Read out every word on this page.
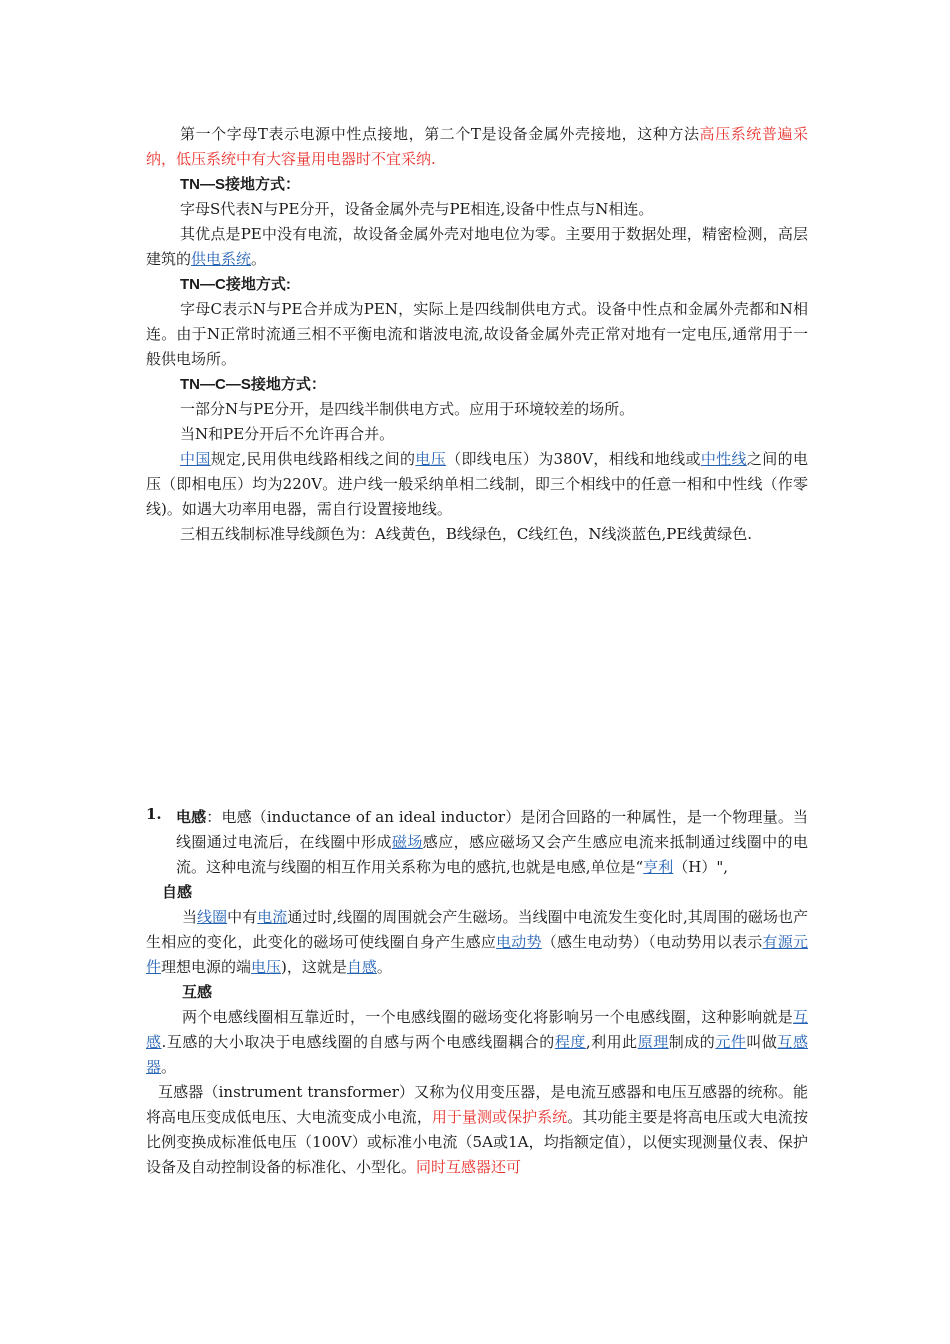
第一个字母T表示电源中性点接地，第二个T是设备金属外壳接地，这种方法高压系统普遍采纳，低压系统中有大容量用电器时不宜采纳.

TN—S接地方式：

字母S代表N与PE分开，设备金属外壳与PE相连,设备中性点与N相连。

其优点是PE中没有电流，故设备金属外壳对地电位为零。主要用于数据处理，精密检测，高层建筑的供电系统。

TN—C接地方式:

字母C表示N与PE合并成为PEN，实际上是四线制供电方式。设备中性点和金属外壳都和N相连。由于N正常时流通三相不平衡电流和谐波电流,故设备金属外壳正常对地有一定电压,通常用于一般供电场所。

TN—C—S接地方式：

一部分N与PE分开，是四线半制供电方式。应用于环境较差的场所。

当N和PE分开后不允许再合并。

中国规定,民用供电线路相线之间的电压（即线电压）为380V，相线和地线或中性线之间的电压（即相电压）均为220V。进户线一般采纳单相二线制，即三个相线中的任意一相和中性线（作零线)。如遇大功率用电器，需自行设置接地线。

三相五线制标准导线颜色为：A线黄色，B线绿色，C线红色，N线淡蓝色,PE线黄绿色.

1. 电感：电感（inductance of an ideal inductor）是闭合回路的一种属性，是一个物理量。当线圈通过电流后，在线圈中形成磁场感应，感应磁场又会产生感应电流来抵制通过线圈中的电流。这种电流与线圈的相互作用关系称为电的感抗,也就是电感,单位是“亨利（H）",

自感

当线圈中有电流通过时,线圈的周围就会产生磁场。当线圈中电流发生变化时,其周围的磁场也产生相应的变化，此变化的磁场可使线圈自身产生感应电动势（感生电动势）（电动势用以表示有源元件理想电源的端电压)，这就是自感。

互感

两个电感线圈相互靠近时，一个电感线圈的磁场变化将影响另一个电感线圈，这种影响就是互感.互感的大小取决于电感线圈的自感与两个电感线圈耦合的程度,利用此原理制成的元件叫做互感器。

互感器（instrument transformer）又称为仪用变压器，是电流互感器和电压互感器的统称。能将高电压变成低电压、大电流变成小电流，用于量测或保护系统。其功能主要是将高电压或大电流按比例变换成标准低电压（100V）或标准小电流（5A或1A，均指额定值），以便实现测量仪表、保护设备及自动控制设备的标准化、小型化。同时互感器还可
